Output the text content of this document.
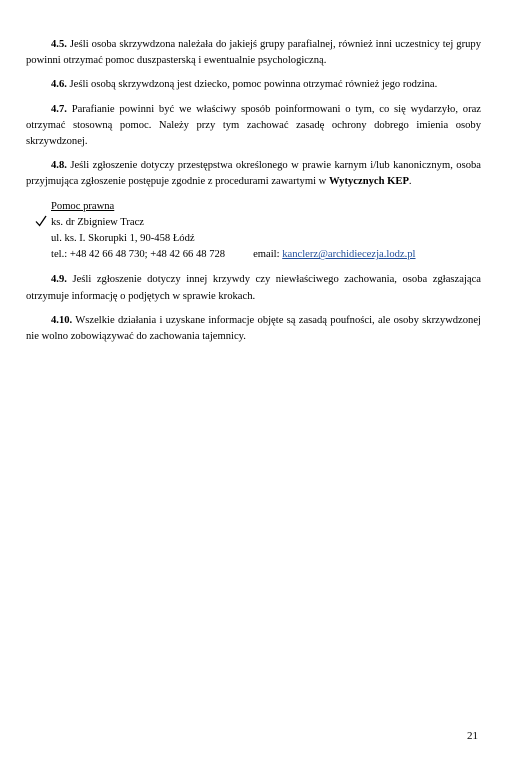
4.5. Jeśli osoba skrzywdzona należała do jakiejś grupy parafialnej, również inni uczestnicy tej grupy powinni otrzymać pomoc duszpasterską i ewentualnie psychologiczną.

4.6. Jeśli osobą skrzywdzoną jest dziecko, pomoc powinna otrzymać również jego rodzina.

4.7. Parafianie powinni być we właściwy sposób poinformowani o tym, co się wydarzyło, oraz otrzymać stosowną pomoc. Należy przy tym zachować zasadę ochrony dobrego imienia osoby skrzywdzonej.

4.8. Jeśli zgłoszenie dotyczy przestępstwa określonego w prawie karnym i/lub kanonicznym, osoba przyjmująca zgłoszenie postępuje zgodnie z procedurami zawartymi w Wytycznych KEP.

Pomoc prawna
ks. dr Zbigniew Tracz
ul. ks. I. Skorupki 1, 90-458 Łódź
tel.: +48 42 66 48 730; +48 42 66 48 728	email: kanclerz@archidiecezja.lodz.pl

4.9. Jeśli zgłoszenie dotyczy innej krzywdy czy niewłaściwego zachowania, osoba zgłaszająca otrzymuje informację o podjętych w sprawie krokach.

4.10. Wszelkie działania i uzyskane informacje objęte są zasadą poufności, ale osoby skrzywdzonej nie wolno zobowiązywać do zachowania tajemnicy.

21
